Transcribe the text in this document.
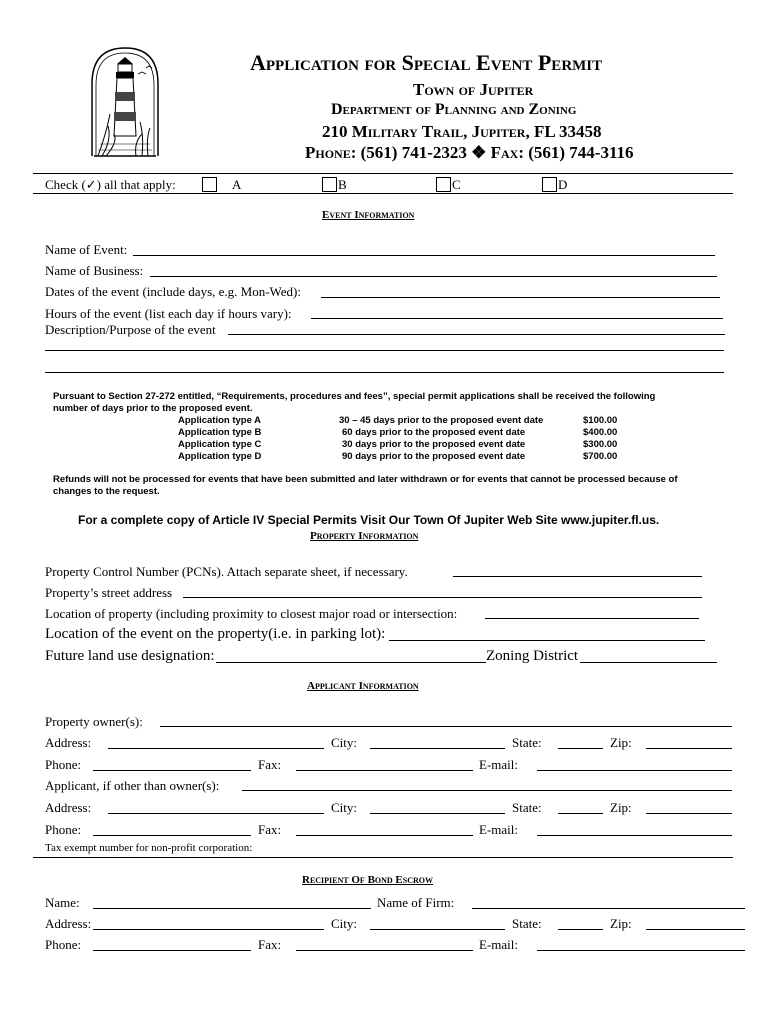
Application for Special Event Permit
Town of Jupiter
Department of Planning and Zoning
210 Military Trail, Jupiter, FL 33458
Phone: (561) 741-2323 ❖ Fax: (561) 744-3116
Check (✓) all that apply:	A	B	C	D
Event Information
Name of Event:
Name of Business:
Dates of the event (include days, e.g. Mon-Wed):
Hours of the event (list each day if hours vary):
Description/Purpose of the event
Pursuant to Section 27-272 entitled, “Requirements, procedures and fees”, special permit applications shall be received the following
number of days prior to the proposed event.
Application type A	30 – 45 days prior to the proposed event date	$100.00
Application type B	60 days prior to the proposed event date	$400.00
Application type C	30 days prior to the proposed event date	$300.00
Application type D	90 days prior to the proposed event date	$700.00
Refunds will not be processed for events that have been submitted and later withdrawn or for events that cannot be processed because of
changes to the request.
For a complete copy of Article IV Special Permits Visit Our Town Of Jupiter Web Site www.jupiter.fl.us.
Property Information
Property Control Number (PCNs). Attach separate sheet, if necessary.
Property’s street address
Location of property (including proximity to closest major road or intersection:
Location of the event on the property(i.e. in parking lot):
Future land use designation:	Zoning District
Applicant Information
Property owner(s):
Address:	City:	State:	Zip:
Phone:	Fax:	E-mail:
Applicant, if other than owner(s):
Address:	City:	State:	Zip:
Phone:	Fax:	E-mail:
Tax exempt number for non-profit corporation:
Recipient Of Bond Escrow
Name:	Name of Firm:
Address:	City:	State:	Zip:
Phone:	Fax:	E-mail:
